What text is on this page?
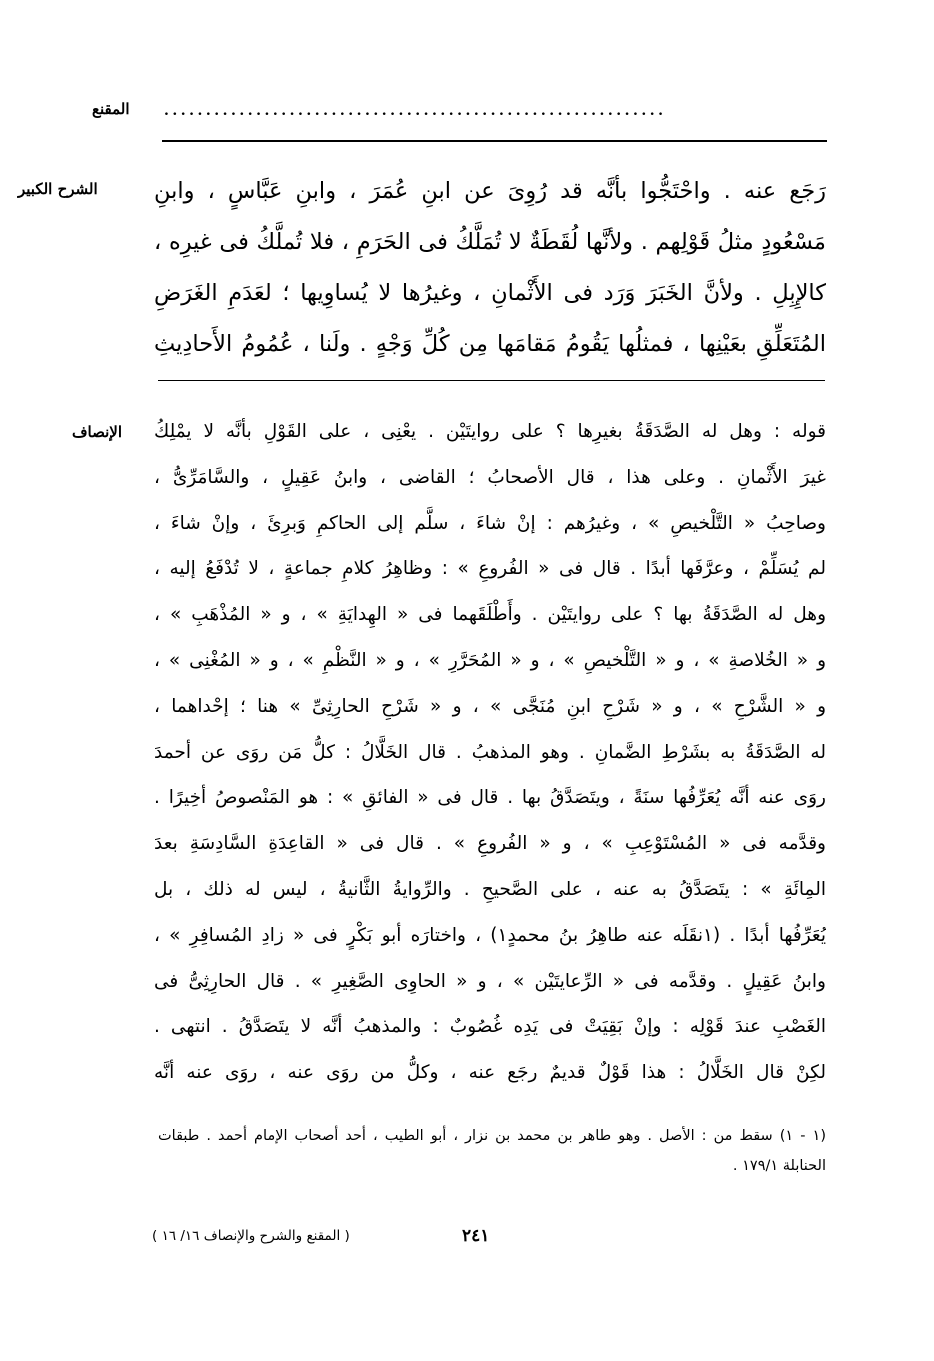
المقنع ............................................................
الشرح الكبير	رَجَع عنه . واحْتَجُّوا بأنَّه قد رُوِىَ عن ابنِ عُمَرَ ، وابنِ عَبَّاسٍ ، وابنِ
مَسْعُودٍ مثلُ قَوْلِهم . ولأنَّها لُقَطَةٌ لا تُمَلَّكُ فى الحَرَمِ ، فلا تُملَّكُ فى غيرِه ،
كالإِبِلِ . ولأنَّ الخَبَرَ وَرَد فى الأَثْمانِ ، وغيرُها لا يُساوِيها ؛ لعَدَمِ الغَرَضِ
المُتَعَلِّقِ بعَيْنِها ، فمثلُها يَقُومُ مَقامَها مِن كُلِّ وَجْهٍ . ولَنا ، عُمُومُ الأَحادِيثِ
الإنصاف قوله : وهل له الصَّدَقَةُ بغيرِها ؟ على روايتَيْن . يعْنِى ، على القَوْلِ بأنَّه لا يمْلِكُ
غيرَ الأَثْمانِ . وعلى هذا ، قال الأصحابُ ؛ القاضى ، وابنُ عَقِيلٍ ، والسَّامَرِّىُّ ،
وصاحِبُ « التَّلْخيصِ » ، وغيرُهم : إنْ شاءَ ، سلَّم إلى الحاكمِ وَبرِئَ ، وإنْ شاءَ ،
لم يُسَلِّمْ ، وعرَّفَها أبدًا . قال فى « الفُروعِ » : وظاهِرُ كلامِ جماعةٍ ، لا تُدْفَعُ إليه ،
وهل له الصَّدَقَةُ بها ؟ على روايتَيْن . وأَطْلَقَهما فى « الهِدايَةِ » ، و « المُذْهَبِ » ،
و « الخُلاصةِ » ، و « التَّلْخيصِ » ، و « المُحَرَّرِ » ، و « النَّظْمِ » ، و « المُغْنِى » ،
و « الشَّرْحِ » ، و « شَرْحِ ابنِ مُنَجَّى » ، و « شَرْحِ الحارِثِىِّ » هنا ؛ إحْداهما ،
له الصَّدَقَةُ به بشَرْطِ الضَّمانِ . وهو المذهبُ . قال الخَلَّالُ : كلُّ مَن روَى عن أحمدَ
روَى عنه أنَّه يُعَرِّفُها سنَةً ، ويتَصَدَّقُ بها . قال فى « الفائقِ » : هو المَنْصوصُ أخِيرًا .
وقدَّمه فى « المُسْتَوْعِبِ » ، و « الفُروعِ » . قال فى « القاعِدَةِ السَّادِسَةِ بعدَ
المِائَةِ » : يتَصَدَّقُ به عنه ، على الصَّحيحِ . والرِّوايةُ الثَّانيةُ ، ليس له ذلك ، بل
يُعَرِّفُها أبدًا . (١نقَلَه عنه طاهِرُ بنُ محمدٍ١) ، واختارَه أبو بَكْرٍ فى « زادِ المُسافِرِ » ،
وابنُ عَقِيلٍ . وقدَّمه فى « الرِّعايتَيْن » ، و « الحاوِى الصَّغِيرِ » . قال الحارِثِىُّ فى
الغَصْبِ عندَ قَوْلِه : وإنْ بَقِيَتْ فى يَدِه غُصُوبٌ : والمذهبُ أنَّه لا يتَصَدَّقُ . انتهى .
لكِنْ قال الخَلَّالُ : هذا قَوْلٌ قديمٌ رجَع عنه ، وكلُّ من روَى عنه ، روَى عنه أنَّه
(١ - ١) سقط من : الأصل . وهو طاهر بن محمد بن نزار ، أبو الطيب ، أحد أصحاب الإمام أحمد . طبقات
الحنابلة ١٧٩/١ .
٢٤١
( المقنع والشرح والإنصاف ١٦/ ١٦ )
